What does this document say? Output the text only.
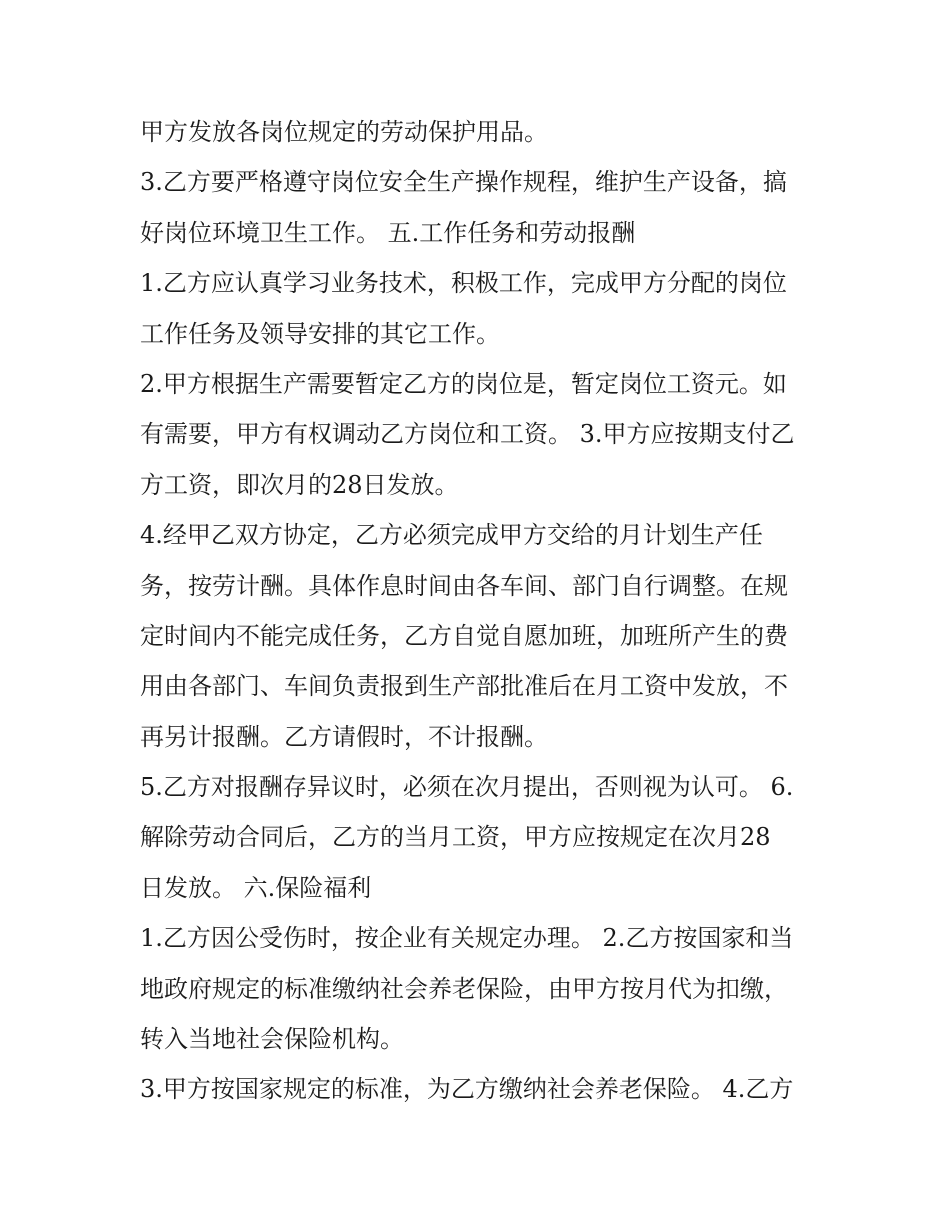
甲方发放各岗位规定的劳动保护用品。
3.乙方要严格遵守岗位安全生产操作规程，维护生产设备，搞
好岗位环境卫生工作。 五.工作任务和劳动报酬
1.乙方应认真学习业务技术，积极工作，完成甲方分配的岗位
工作任务及领导安排的其它工作。
2.甲方根据生产需要暂定乙方的岗位是，暂定岗位工资元。如
有需要，甲方有权调动乙方岗位和工资。 3.甲方应按期支付乙
方工资，即次月的28日发放。
4.经甲乙双方协定，乙方必须完成甲方交给的月计划生产任
务，按劳计酬。具体作息时间由各车间、部门自行调整。在规
定时间内不能完成任务，乙方自觉自愿加班，加班所产生的费
用由各部门、车间负责报到生产部批准后在月工资中发放，不
再另计报酬。乙方请假时，不计报酬。
5.乙方对报酬存异议时，必须在次月提出，否则视为认可。 6.
解除劳动合同后，乙方的当月工资，甲方应按规定在次月28
日发放。 六.保险福利
1.乙方因公受伤时，按企业有关规定办理。 2.乙方按国家和当
地政府规定的标准缴纳社会养老保险，由甲方按月代为扣缴，
转入当地社会保险机构。
3.甲方按国家规定的标准，为乙方缴纳社会养老保险。 4.乙方
